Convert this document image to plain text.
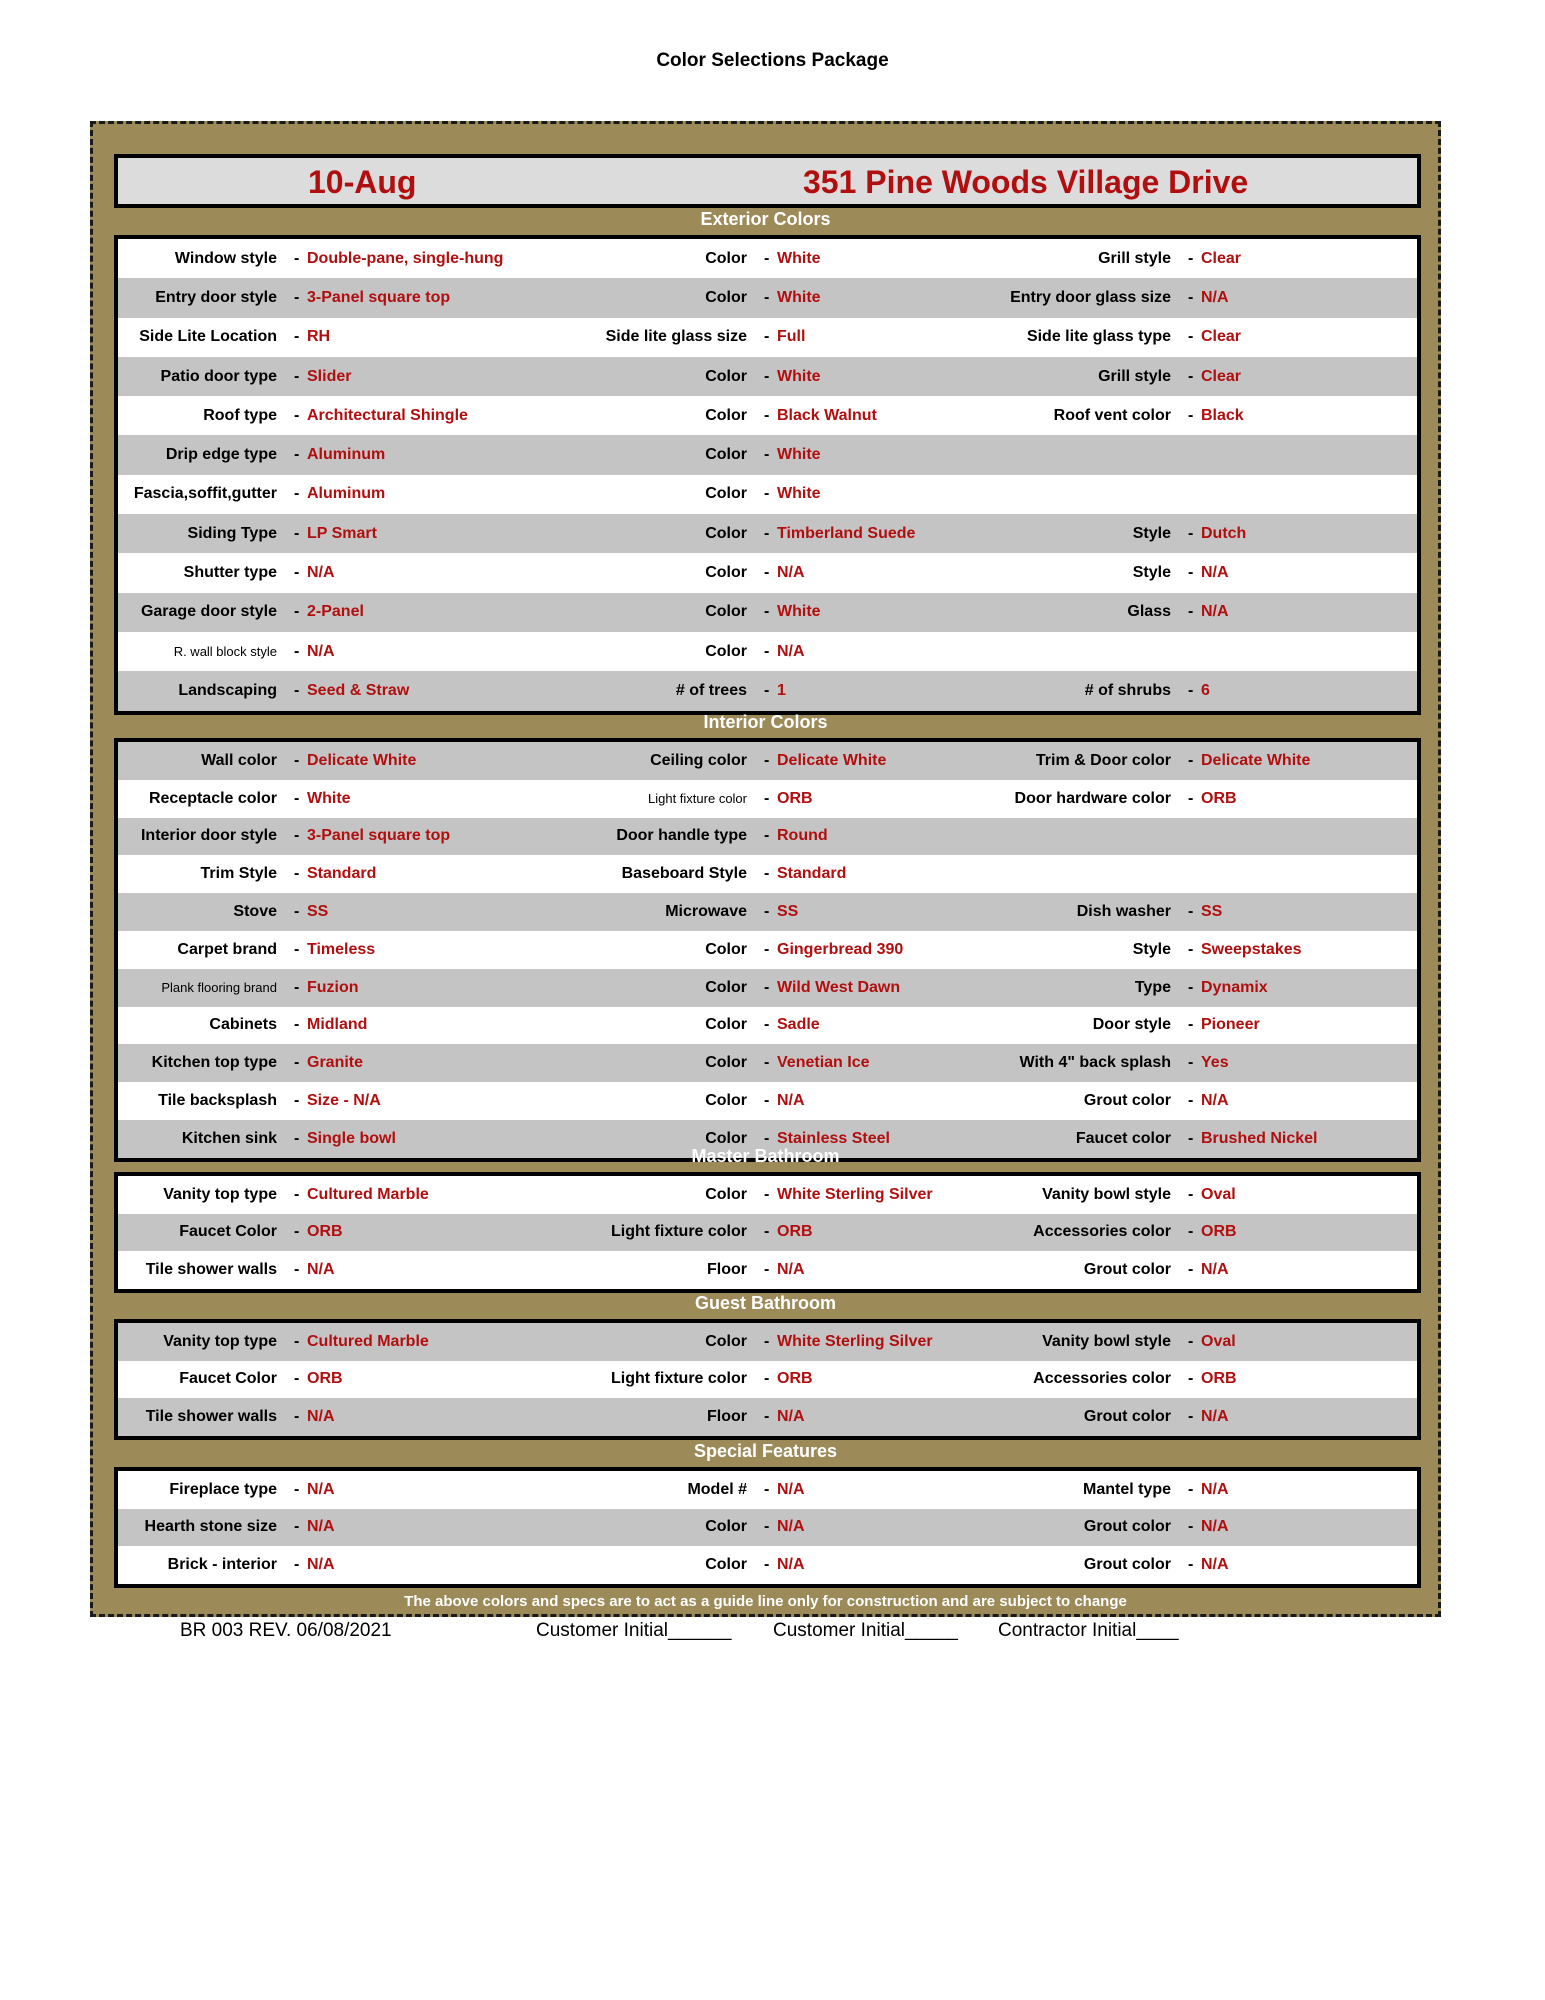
Color Selections Package
10-Aug	351 Pine Woods Village Drive
Exterior Colors
Window style - Double-pane, single-hung	Color - White	Grill style - Clear
Entry door style - 3-Panel square top	Color - White	Entry door glass size - N/A
Side Lite Location - RH	Side lite glass size - Full	Side lite glass type - Clear
Patio door type - Slider	Color - White	Grill style - Clear
Roof type - Architectural Shingle	Color - Black Walnut	Roof vent color - Black
Drip edge type - Aluminum	Color - White
Fascia,soffit,gutter - Aluminum	Color - White
Siding Type - LP Smart	Color - Timberland Suede	Style - Dutch
Shutter type - N/A	Color - N/A	Style - N/A
Garage door style - 2-Panel	Color - White	Glass - N/A
R. wall block style - N/A	Color - N/A
Landscaping - Seed & Straw	# of trees - 1	# of shrubs - 6
Interior Colors
Wall color - Delicate White	Ceiling color - Delicate White	Trim & Door color - Delicate White
Receptacle color - White	Light fixture color - ORB	Door hardware color - ORB
Interior door style - 3-Panel square top	Door handle type - Round
Trim Style - Standard	Baseboard Style - Standard
Stove - SS	Microwave - SS	Dish washer - SS
Carpet brand - Timeless	Color - Gingerbread 390	Style - Sweepstakes
Plank flooring brand - Fuzion	Color - Wild West Dawn	Type - Dynamix
Cabinets - Midland	Color - Sadle	Door style - Pioneer
Kitchen top type - Granite	Color - Venetian Ice	With 4" back splash - Yes
Tile backsplash - Size - N/A	Color - N/A	Grout color - N/A
Kitchen sink - Single bowl	Color - Stainless Steel	Faucet color - Brushed Nickel
Master Bathroom
Vanity top type - Cultured Marble	Color - White Sterling Silver	Vanity bowl style - Oval
Faucet Color - ORB	Light fixture color - ORB	Accessories color - ORB
Tile shower walls - N/A	Floor - N/A	Grout color - N/A
Guest Bathroom
Vanity top type - Cultured Marble	Color - White Sterling Silver	Vanity bowl style - Oval
Faucet Color - ORB	Light fixture color - ORB	Accessories color - ORB
Tile shower walls - N/A	Floor - N/A	Grout color - N/A
Special Features
Fireplace type - N/A	Model # - N/A	Mantel type - N/A
Hearth stone size - N/A	Color - N/A	Grout color - N/A
Brick - interior - N/A	Color - N/A	Grout color - N/A
The above colors and specs are to act as a guide line only for construction and are subject to change
BR 003 REV. 06/08/2021	Customer Initial______ Customer Initial_____ Contractor Initial____
